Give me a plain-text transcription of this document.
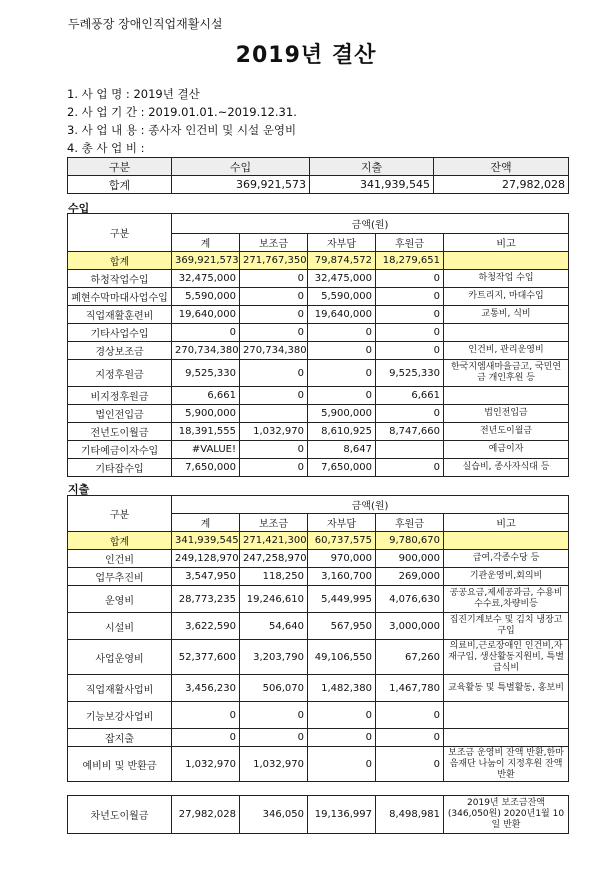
두례풍장 장애인직업재활시설
2019년 결산
1. 사 업 명 : 2019년 결산
2. 사 업 기 간 : 2019.01.01.~2019.12.31.
3. 사 업 내 용 : 종사자 인건비 및 시설 운영비
4. 총 사 업 비 :
구분	수입	지출	잔액
합계	369,921,573	341,939,545	27,982,028
수입
구분	금액(원)				
	계	보조금	자부담	후원금	비고
합계	369,921,573	271,767,350	79,874,572	18,279,651	
하청작업수입	32,475,000	0	32,475,000	0	하청작업 수입
폐현수막마대사업수입	5,590,000	0	5,590,000	0	카트리지, 마대수입
직업재활훈련비	19,640,000	0	19,640,000	0	교통비, 식비
기타사업수입	0	0	0	0	
경상보조금	270,734,380	270,734,380	0	0	인건비, 관리운영비
지정후원금	9,525,330	0	0	9,525,330	한국지엠새마을금고, 국민연금 개인후원 등
비지정후원금	6,661	0	0	6,661	
법인전입금	5,900,000		5,900,000	0	법인전입금
전년도이월금	18,391,555	1,032,970	8,610,925	8,747,660	전년도이월금
기타예금이자수입	#VALUE!	0	8,647		예금이자
기타잡수입	7,650,000	0	7,650,000	0	실습비, 종사자식대 등
지출
구분	금액(원)				
	계	보조금	자부담	후원금	비고
합계	341,939,545	271,421,300	60,737,575	9,780,670	
인건비	249,128,970	247,258,970	970,000	900,000	급여,각종수당 등
업무추진비	3,547,950	118,250	3,160,700	269,000	기관운영비,회의비
운영비	28,773,235	19,246,610	5,449,995	4,076,630	공공요금,제세공과금, 수용비수수료,차량비등
시설비	3,622,590	54,640	567,950	3,000,000	집진기계보수 및 김치 냉장고 구입
사업운영비	52,377,600	3,203,790	49,106,550	67,260	의료비,근로장애인 인건비,자재구입, 생산활동지원비, 특별급식비
직업재활사업비	3,456,230	506,070	1,482,380	1,467,780	교육활동 및 특별활동, 홍보비
기능보강사업비	0	0	0	0	
잡지출	0	0	0	0	
예비비 및 반환금	1,032,970	1,032,970	0	0	보조금 운영비 잔액 반환,한마음재단 나눔이 지정후원 잔액 반환
차년도이월금	27,982,028	346,050	19,136,997	8,498,981	2019년 보조금잔액 (346,050원) 2020년1월 10일 반환
